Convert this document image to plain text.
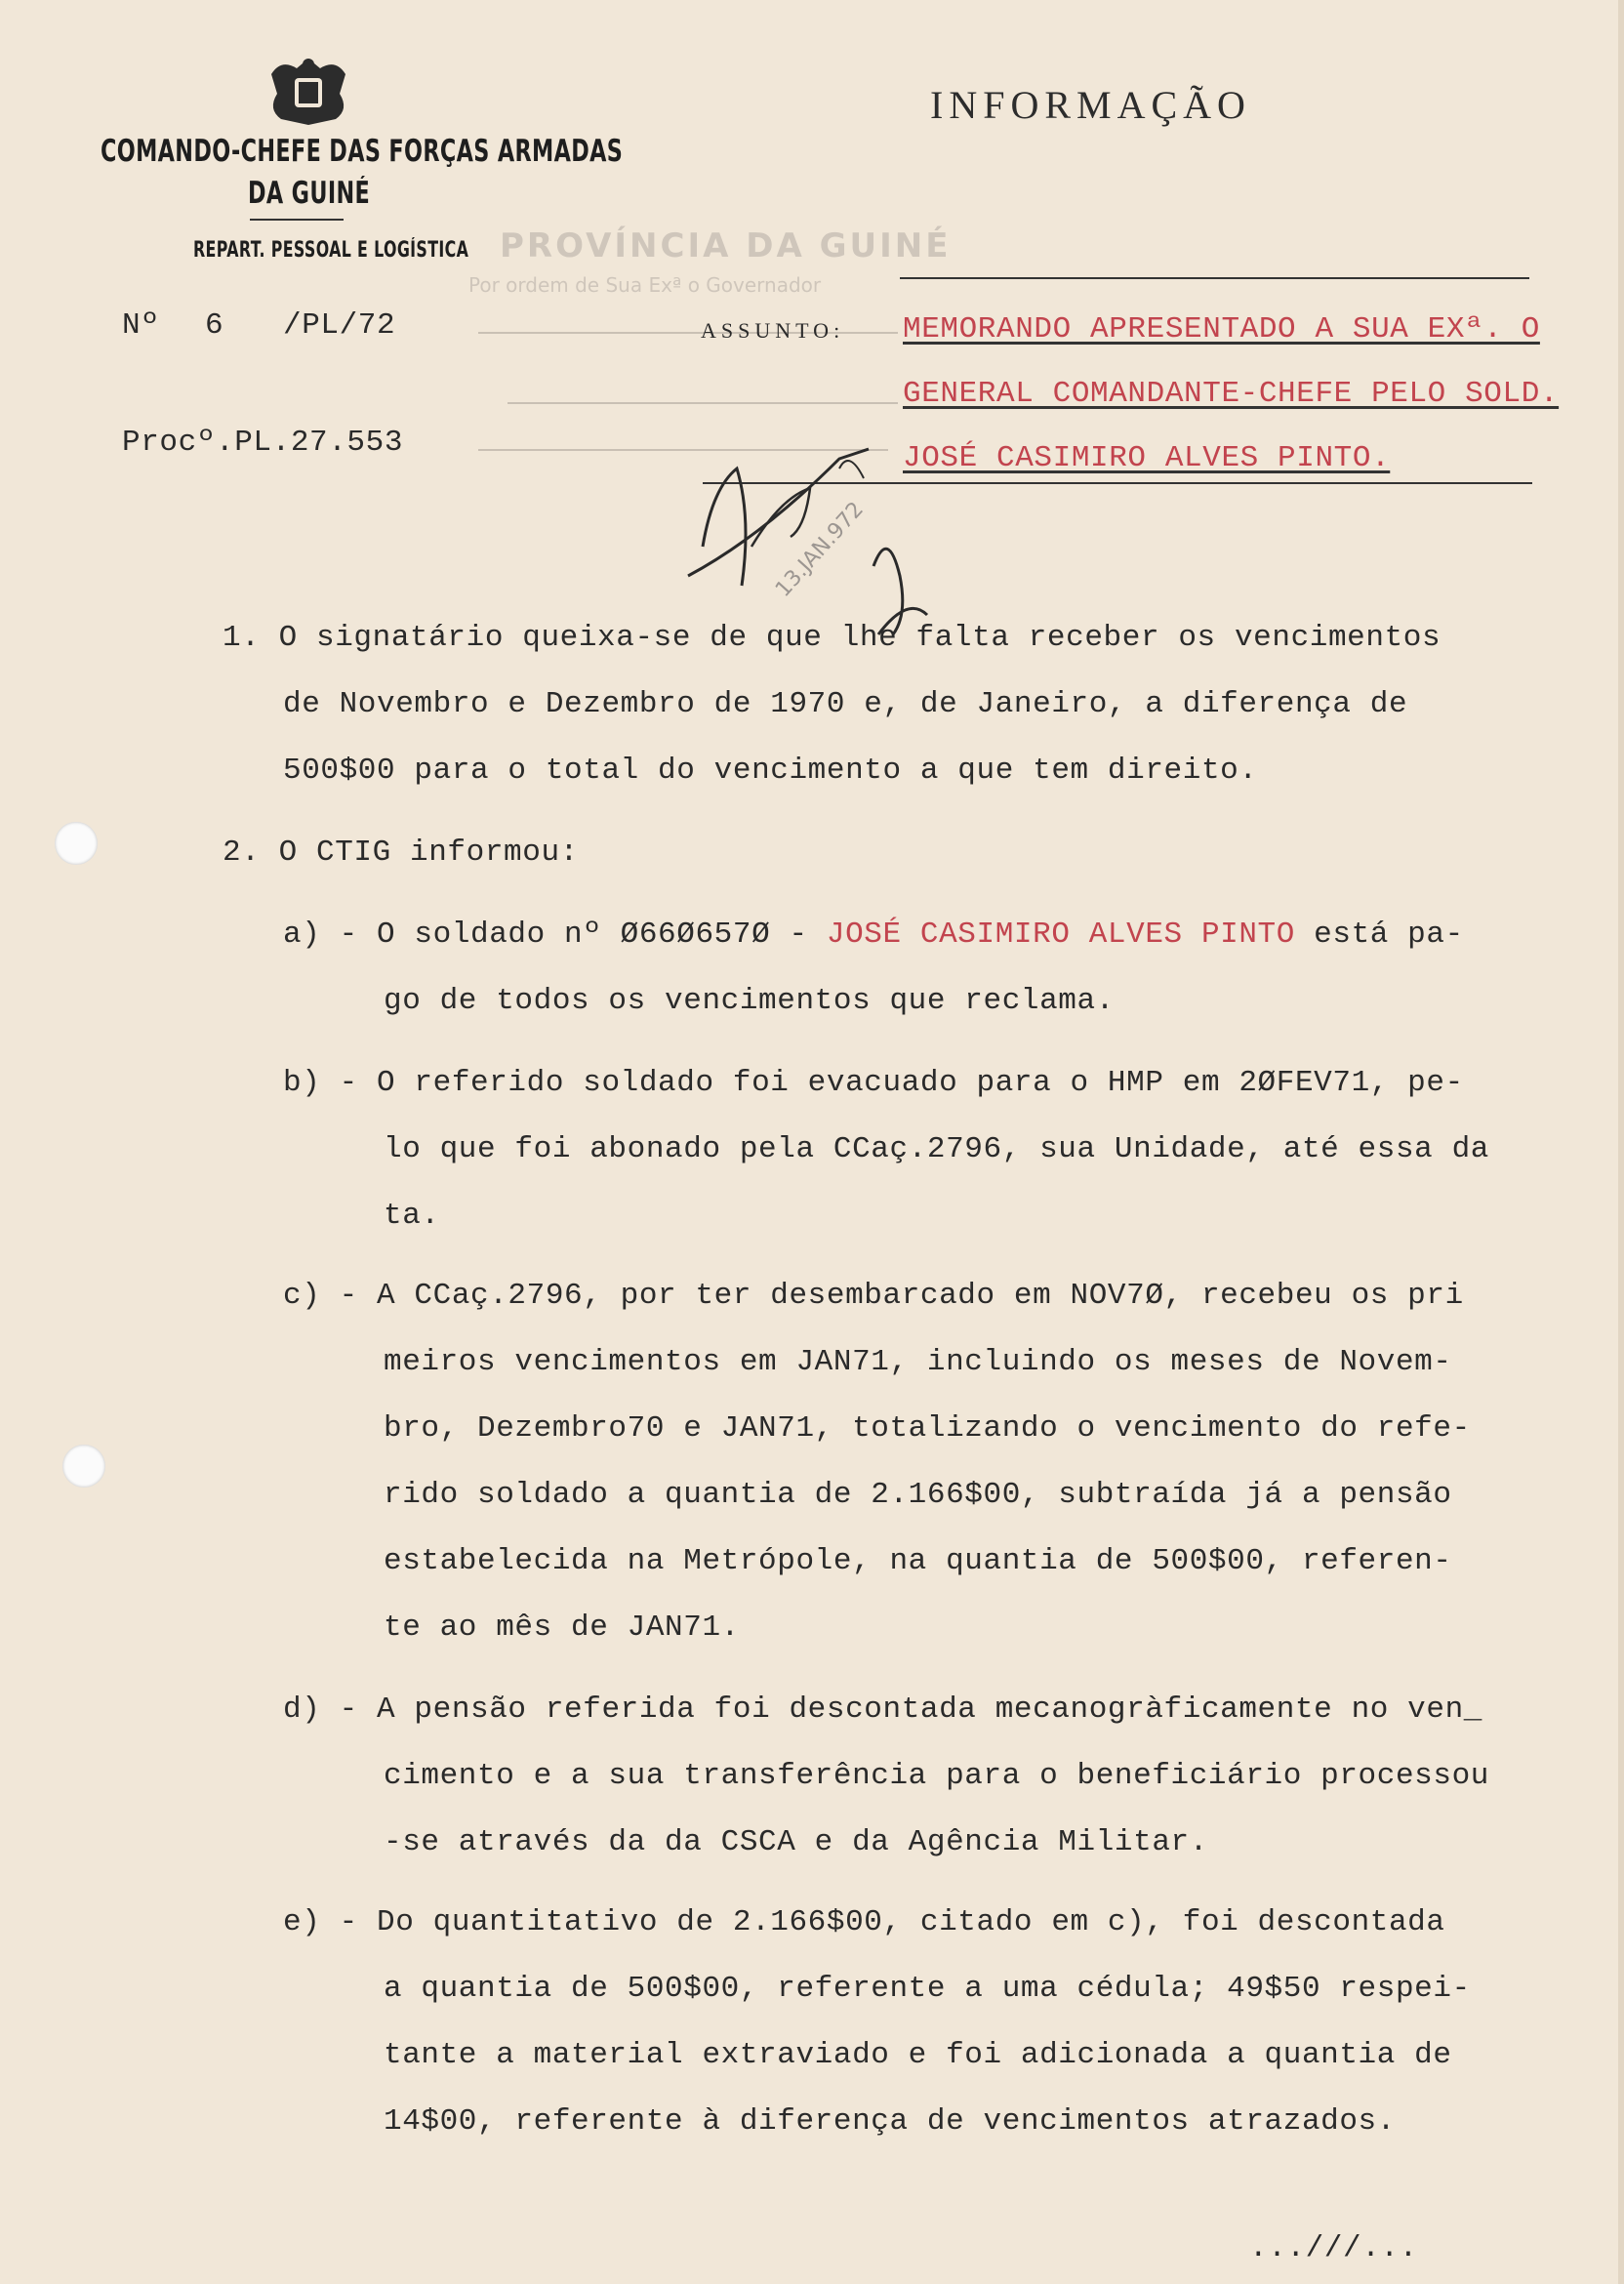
COMANDO-CHEFE DAS FORÇAS ARMADAS
DA GUINÉ
REPART. PESSOAL E LOGÍSTICA
INFORMAÇÃO
PROVÍNCIA DA GUINÉ
Por ordem de Sua Exª o Governador
Nº 6 /PL/72
Procº.PL.27.553
ASSUNTO: MEMORANDO APRESENTADO A SUA EXª. O
GENERAL COMANDANTE-CHEFE PELO SOLD.
JOSÉ CASIMIRO ALVES PINTO.
13.JAN.972
1. O signatário queixa-se de que lhe falta receber os vencimentos
de Novembro e Dezembro de 1970 e, de Janeiro, a diferença de
500$00 para o total do vencimento a que tem direito.
2. O CTIG informou:
a) - O soldado nº Ø66Ø657Ø - JOSÉ CASIMIRO ALVES PINTO está pa-
go de todos os vencimentos que reclama.
b) - O referido soldado foi evacuado para o HMP em 2ØFEV71, pe-
lo que foi abonado pela CCaç.2796, sua Unidade, até essa da
ta.
c) - A CCaç.2796, por ter desembarcado em NOV7Ø, recebeu os pri
meiros vencimentos em JAN71, incluindo os meses de Novem-
bro, Dezembro70 e JAN71, totalizando o vencimento do refe-
rido soldado a quantia de 2.166$00, subtraída já a pensão
estabelecida na Metrópole, na quantia de 500$00, referen-
te ao mês de JAN71.
d) - A pensão referida foi descontada mecanogràficamente no ven_
cimento e a sua transferência para o beneficiário processou
-se através da da CSCA e da Agência Militar.
e) - Do quantitativo de 2.166$00, citado em c), foi descontada
a quantia de 500$00, referente a uma cédula; 49$50 respei-
tante a material extraviado e foi adicionada a quantia de
14$00, referente à diferença de vencimentos atrazados.
...///...
